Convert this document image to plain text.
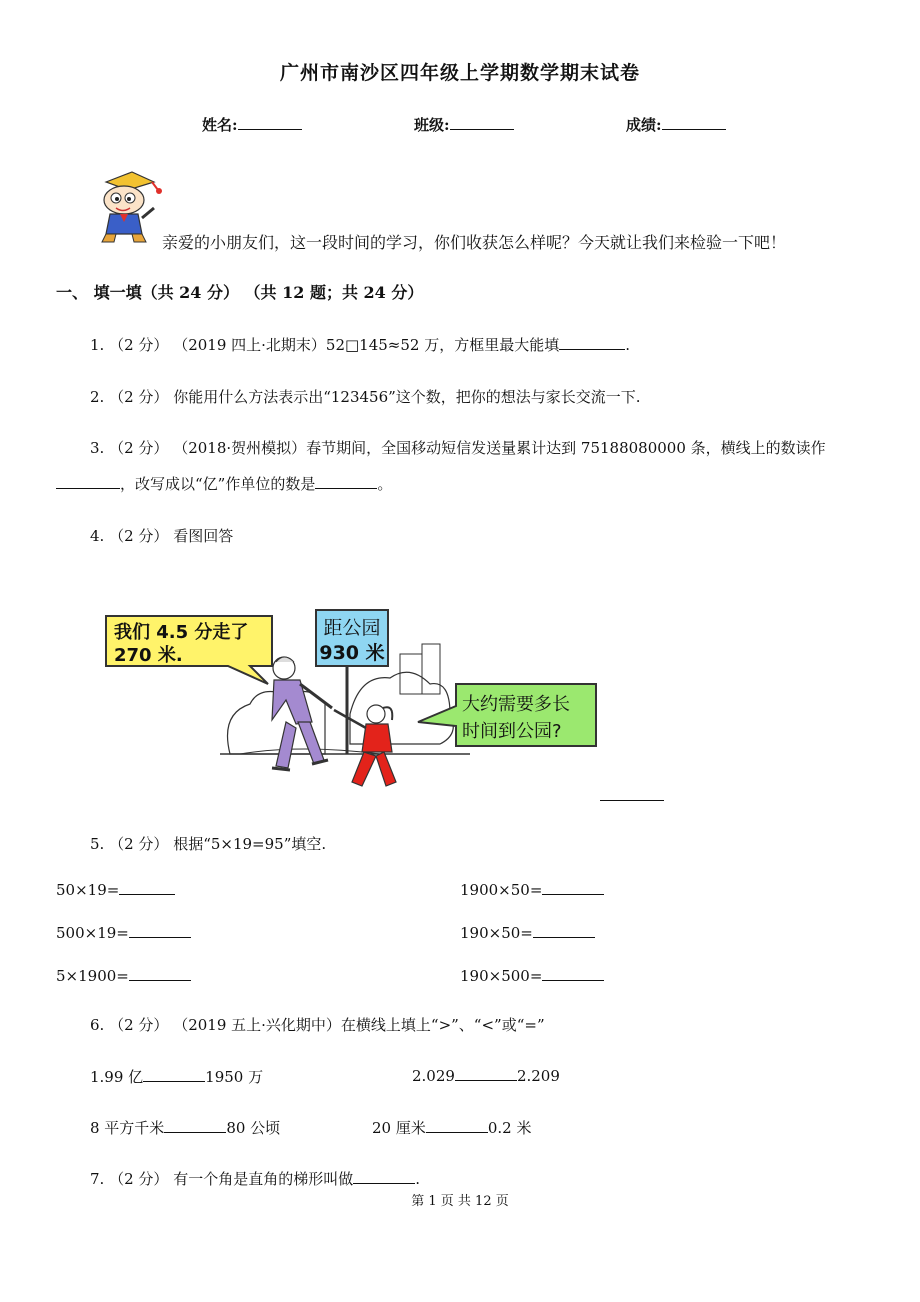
广州市南沙区四年级上学期数学期末试卷
姓名:	班级:	成绩:
亲爱的小朋友们，这一段时间的学习，你们收获怎么样呢？今天就让我们来检验一下吧！
一、 填一填（共 24 分） （共 12 题；共 24 分）
1. （2 分） （2019 四上·北期末）52□145≈52 万，方框里最大能填	.
2. （2 分） 你能用什么方法表示出“123456”这个数，把你的想法与家长交流一下.
3. （2 分） （2018·贺州模拟）春节期间，全国移动短信发送量累计达到 75188080000 条，横线上的数读作
，改写成以“亿”作单位的数是	。
4. （2 分） 看图回答
距公园
930 米
我们 4.5 分走了
270 米.
大约需要多长
时间到公园?
5. （2 分） 根据“5×19=95”填空.
50×19=	1900×50=
500×19=	190×50=
5×1900=	190×500=
6. （2 分） （2019 五上·兴化期中）在横线上填上“>”、“<”或“=”
1.99 亿	1950 万	2.029	2.209
8 平方千米	80 公顷	20 厘米	0.2 米
7. （2 分） 有一个角是直角的梯形叫做	.
第 1 页 共 12 页
